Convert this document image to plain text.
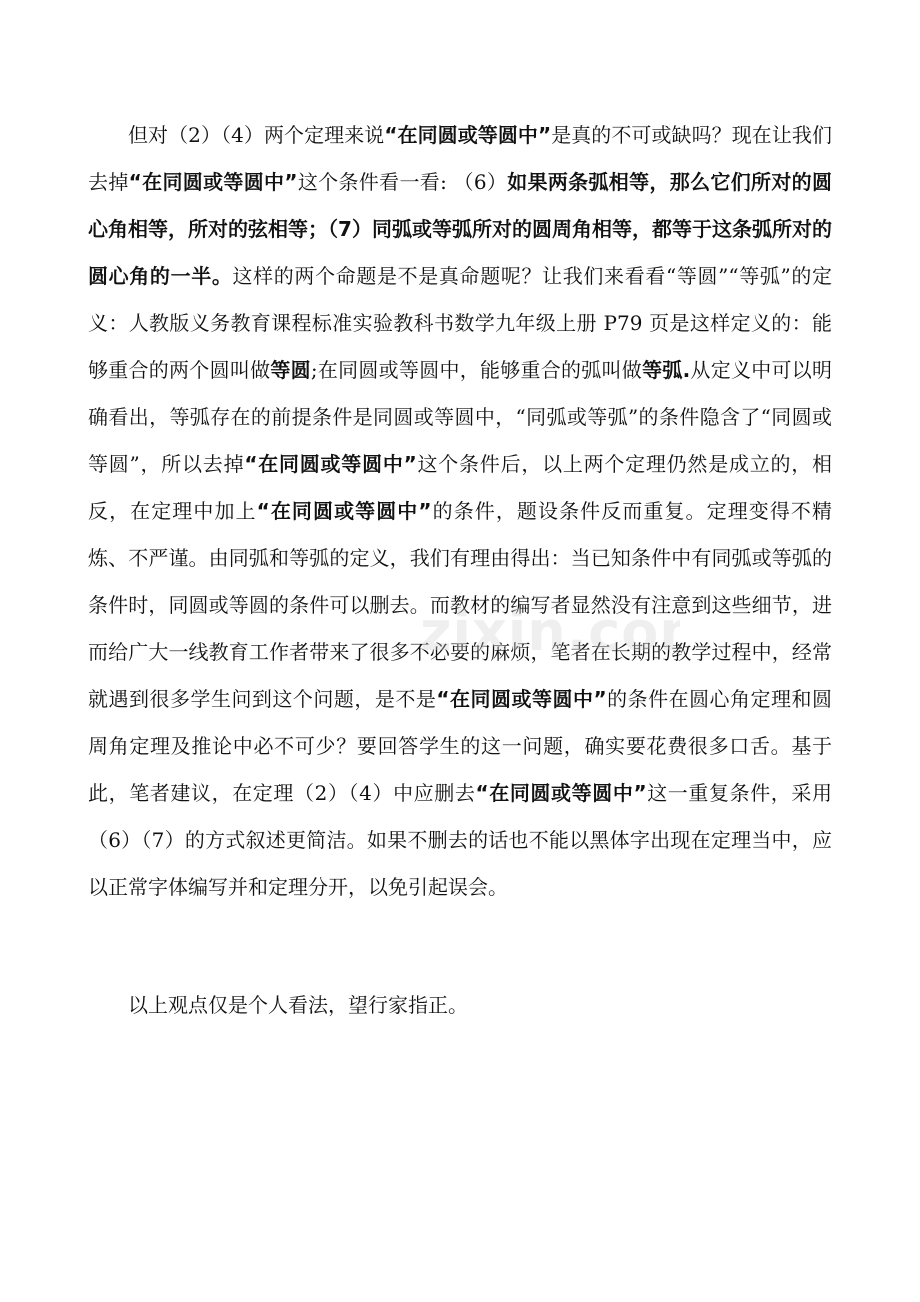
但对（2）（4）两个定理来说“在同圆或等圆中”是真的不可或缺吗？现在让我们去掉“在同圆或等圆中”这个条件看一看: （6）如果两条弧相等，那么它们所对的圆心角相等，所对的弦相等；（7）同弧或等弧所对的圆周角相等，都等于这条弧所对的圆心角的一半。这样的两个命题是不是真命题呢？让我们来看看“等圆”“等弧”的定义：人教版义务教育课程标准实验教科书数学九年级上册 P79 页是这样定义的：能够重合的两个圆叫做等圆;在同圆或等圆中，能够重合的弧叫做等弧.从定义中可以明确看出，等弧存在的前提条件是同圆或等圆中，“同弧或等弧”的条件隐含了“同圆或等圆”，所以去掉“在同圆或等圆中”这个条件后，以上两个定理仍然是成立的，相反，在定理中加上“在同圆或等圆中”的条件，题设条件反而重复。定理变得不精炼、不严谨。由同弧和等弧的定义，我们有理由得出：当已知条件中有同弧或等弧的条件时，同圆或等圆的条件可以删去。而教材的编写者显然没有注意到这些细节，进而给广大一线教育工作者带来了很多不必要的麻烦，笔者在长期的教学过程中，经常就遇到很多学生问到这个问题，是不是“在同圆或等圆中”的条件在圆心角定理和圆周角定理及推论中必不可少？要回答学生的这一问题，确实要花费很多口舌。基于此，笔者建议，在定理（2）（4）中应删去“在同圆或等圆中”这一重复条件，采用（6）（7）的方式叙述更简洁。如果不删去的话也不能以黑体字出现在定理当中，应以正常字体编写并和定理分开，以免引起误会。

以上观点仅是个人看法，望行家指正。

zixin.co
